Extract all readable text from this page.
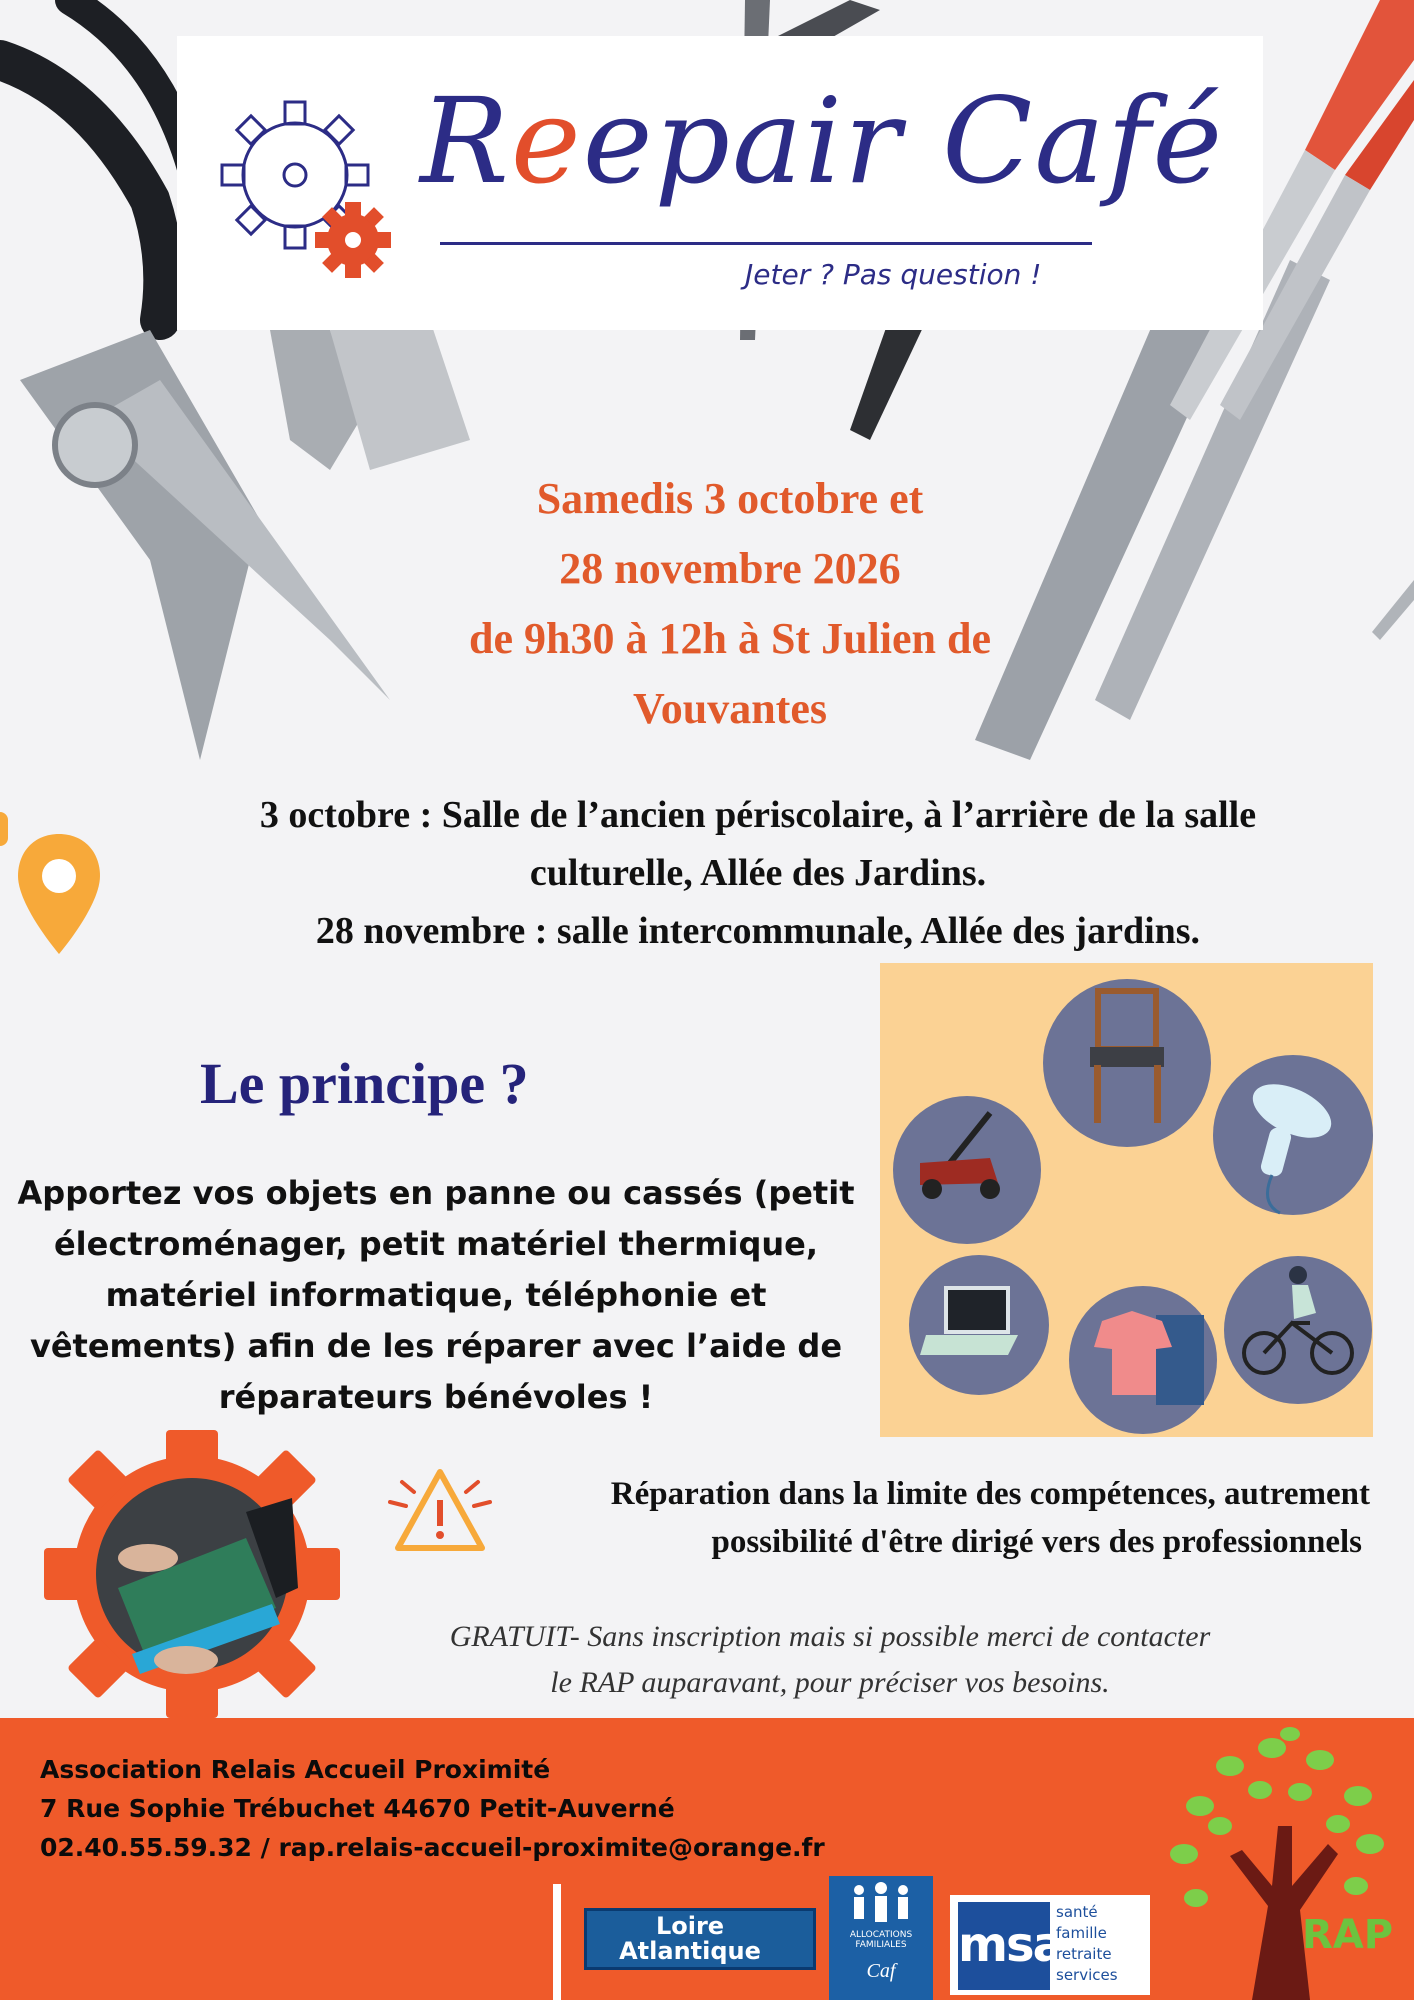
Reepair Café
Jeter ? Pas question !
Samedis 3 octobre et
28 novembre 2026
de 9h30 à 12h à St Julien de
Vouvantes
3 octobre : Salle de l’ancien périscolaire, à l’arrière de la salle
culturelle, Allée des Jardins.
28 novembre : salle intercommunale, Allée des jardins.
Le principe ?
Apportez vos objets en panne ou cassés (petit
électroménager, petit matériel thermique,
matériel informatique, téléphonie et
vêtements) afin de les réparer avec l’aide de
réparateurs bénévoles !
Réparation dans la limite des compétences, autrement
possibilité d'être dirigé vers des professionnels
GRATUIT- Sans inscription mais si possible merci de contacter
le RAP auparavant, pour préciser vos besoins.
Association Relais Accueil Proximité
7 Rue Sophie Trébuchet 44670 Petit-Auverné
02.40.55.59.32 / rap.relais-accueil-proximite@orange.fr
Loire
Atlantique
ALLOCATIONS FAMILIALES
Caf	msa
santé
famille
retraite
services
RAP
